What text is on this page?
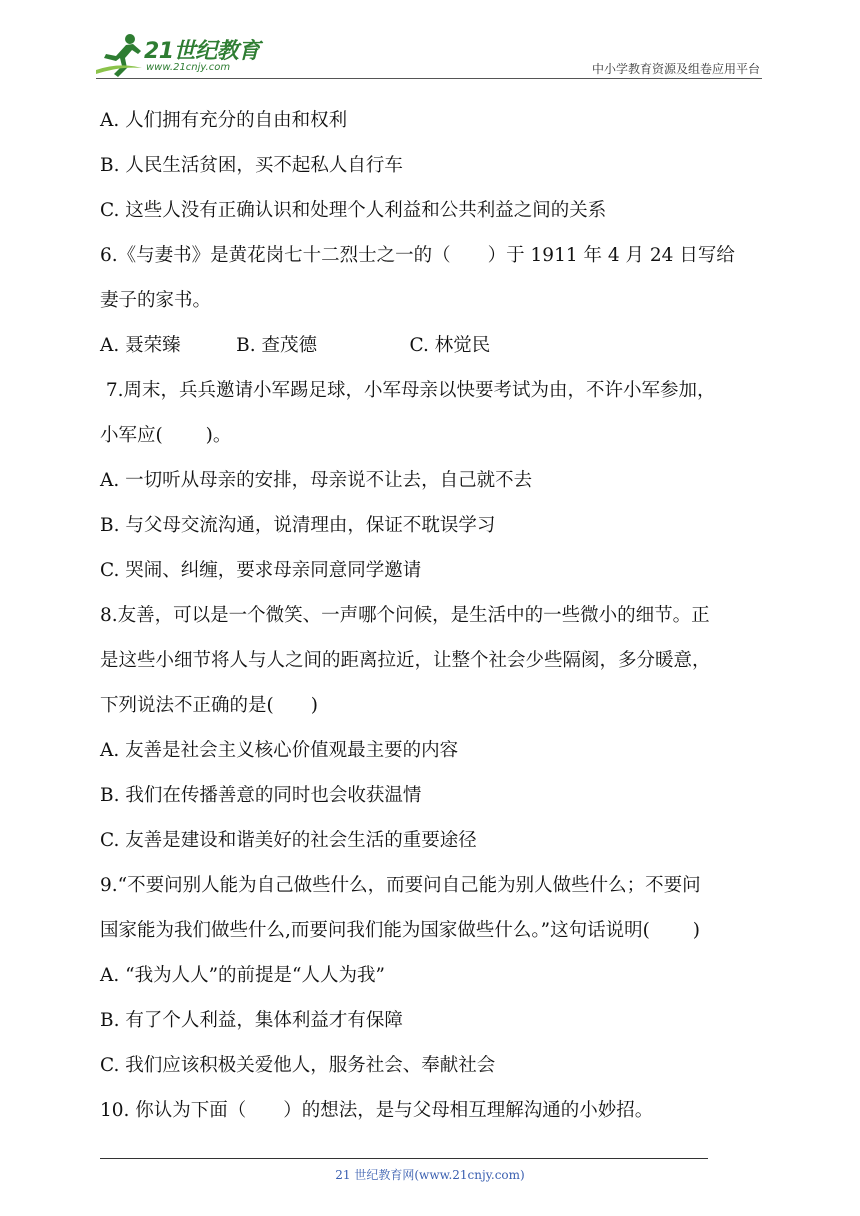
21世纪教育
www.21cnjy.com	中小学教育资源及组卷应用平台
A. 人们拥有充分的自由和权利
B. 人民生活贫困，买不起私人自行车
C. 这些人没有正确认识和处理个人利益和公共利益之间的关系
6.《与妻书》是黄花岗七十二烈士之一的（　　）于 1911 年 4 月 24 日写给
妻子的家书。
A. 聂荣臻　　　B. 查茂德　　　　　C. 林觉民
7.周末，兵兵邀请小军踢足球，小军母亲以快要考试为由，不许小军参加，
小军应(　　 )。
A. 一切听从母亲的安排，母亲说不让去，自己就不去
B. 与父母交流沟通，说清理由，保证不耽误学习
C. 哭闹、纠缠，要求母亲同意同学邀请
8.友善，可以是一个微笑、一声哪个问候，是生活中的一些微小的细节。正
是这些小细节将人与人之间的距离拉近，让整个社会少些隔阂，多分暖意，
下列说法不正确的是(　　)
A. 友善是社会主义核心价值观最主要的内容
B. 我们在传播善意的同时也会收获温情
C. 友善是建设和谐美好的社会生活的重要途径
9.“不要问别人能为自己做些什么，而要问自己能为别人做些什么；不要问
国家能为我们做些什么,而要问我们能为国家做些什么。”这句话说明(　　 )
A. “我为人人”的前提是“人人为我”
B. 有了个人利益，集体利益才有保障
C. 我们应该积极关爱他人，服务社会、奉献社会
10. 你认为下面（　　）的想法，是与父母相互理解沟通的小妙招。
21 世纪教育网(www.21cnjy.com)
